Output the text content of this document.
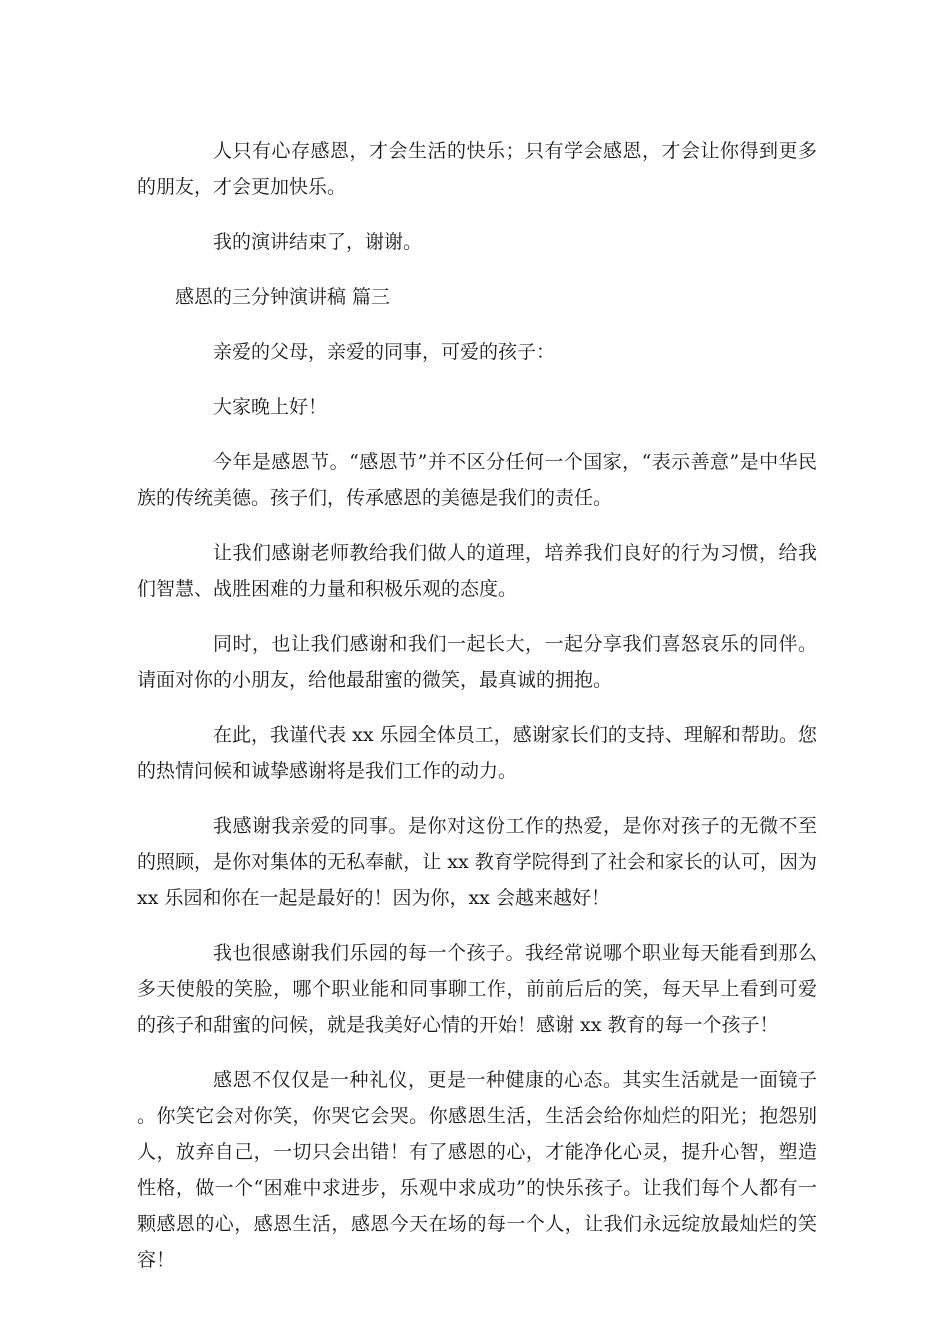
人只有心存感恩，才会生活的快乐；只有学会感恩，才会让你得到更多的朋友，才会更加快乐。

我的演讲结束了，谢谢。

感恩的三分钟演讲稿 篇三

亲爱的父母，亲爱的同事，可爱的孩子：

大家晚上好！

今年是感恩节。“感恩节”并不区分任何一个国家，“表示善意”是中华民族的传统美德。孩子们，传承感恩的美德是我们的责任。

让我们感谢老师教给我们做人的道理，培养我们良好的行为习惯，给我们智慧、战胜困难的力量和积极乐观的态度。

同时，也让我们感谢和我们一起长大，一起分享我们喜怒哀乐的同伴。请面对你的小朋友，给他最甜蜜的微笑，最真诚的拥抱。

在此，我谨代表 xx 乐园全体员工，感谢家长们的支持、理解和帮助。您的热情问候和诚挚感谢将是我们工作的动力。

我感谢我亲爱的同事。是你对这份工作的热爱，是你对孩子的无微不至的照顾，是你对集体的无私奉献，让 xx 教育学院得到了社会和家长的认可，因为xx 乐园和你在一起是最好的！因为你，xx 会越来越好！

我也很感谢我们乐园的每一个孩子。我经常说哪个职业每天能看到那么多天使般的笑脸，哪个职业能和同事聊工作，前前后后的笑，每天早上看到可爱的孩子和甜蜜的问候，就是我美好心情的开始！感谢 xx 教育的每一个孩子！

感恩不仅仅是一种礼仪，更是一种健康的心态。其实生活就是一面镜子。你笑它会对你笑，你哭它会哭。你感恩生活，生活会给你灿烂的阳光；抱怨别人，放弃自己，一切只会出错！有了感恩的心，才能净化心灵，提升心智，塑造性格，做一个“困难中求进步，乐观中求成功”的快乐孩子。让我们每个人都有一颗感恩的心，感恩生活，感恩今天在场的每一个人，让我们永远绽放最灿烂的笑容！
